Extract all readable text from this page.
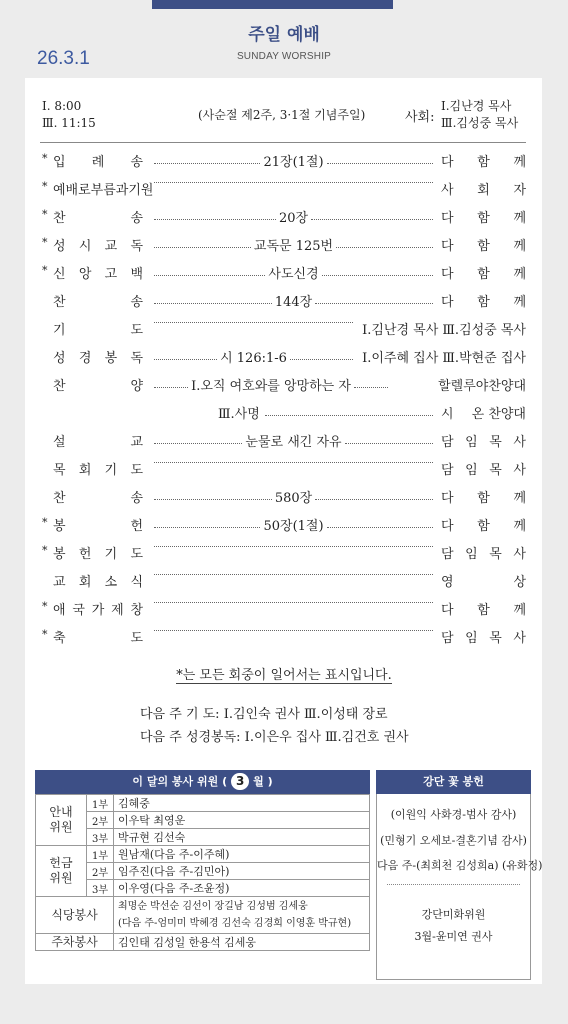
주일 예배
SUNDAY WORSHIP
26.3.1
Ⅰ. 8:00
Ⅲ. 11:15
(사순절 제2주, 3·1절 기념주일)	사회:
Ⅰ.김난경 목사
Ⅲ.김성중 목사
* 입 례 송	21장(1절)	다 함 께
* 예배로부름과기원	사 회 자
* 찬	송	20장	다 함 께
* 성 시 교 독	교독문 125번	다 함 께
* 신 앙 고 백	사도신경	다 함 께
찬	송	144장	다 함 께
기	도	Ⅰ.김난경 목사 Ⅲ.김성중 목사
성 경 봉 독	시 126:1-6	Ⅰ.이주혜 집사 Ⅲ.박현준 집사
찬	양	Ⅰ.오직 여호와를 앙망하는 자	할렐루야찬양대
Ⅲ.사명	시 온 찬양대
설	교	눈물로 새긴 자유	담 임 목 사
목 회 기 도	담 임 목 사
찬	송	580장	다 함 께
* 봉	헌	50장(1절)	다 함 께
* 봉 헌 기 도	담 임 목 사
교 회 소 식	영	상
* 애 국 가 제 창	다 함 께
* 축	도	담 임 목 사
*는 모든 회중이 일어서는 표시입니다.
다음 주 기 도: Ⅰ.김인숙 권사 Ⅲ.이성태 장로
다음 주 성경봉독: Ⅰ.이은우 집사 Ⅲ.김건호 권사
이 달의 봉사 위원 ( 3 월 )
안내
위원	1부	김혜중
	2부	이우탁 최영운
	3부	박규현 김선숙
헌금
위원	1부	원남재(다음 주-이주혜)
	2부	임주진(다음 주-김민아)
	3부	이우영(다음 주-조윤정)
식당봉사		최명순 박선순 김선이 장길남 김성범 김세웅
(다음 주-엄미미 박혜경 김선숙 김경희 이영훈 박규현)

주차봉사		김인태 김성일 한용석 김세웅
강단 꽃 봉헌
(이원익 사화경-범사 감사)
(민형기 오세보-결혼기념 감사)
다음 주-(최희천 김성희a) (유화정)
강단미화위원
3월-윤미연 권사
